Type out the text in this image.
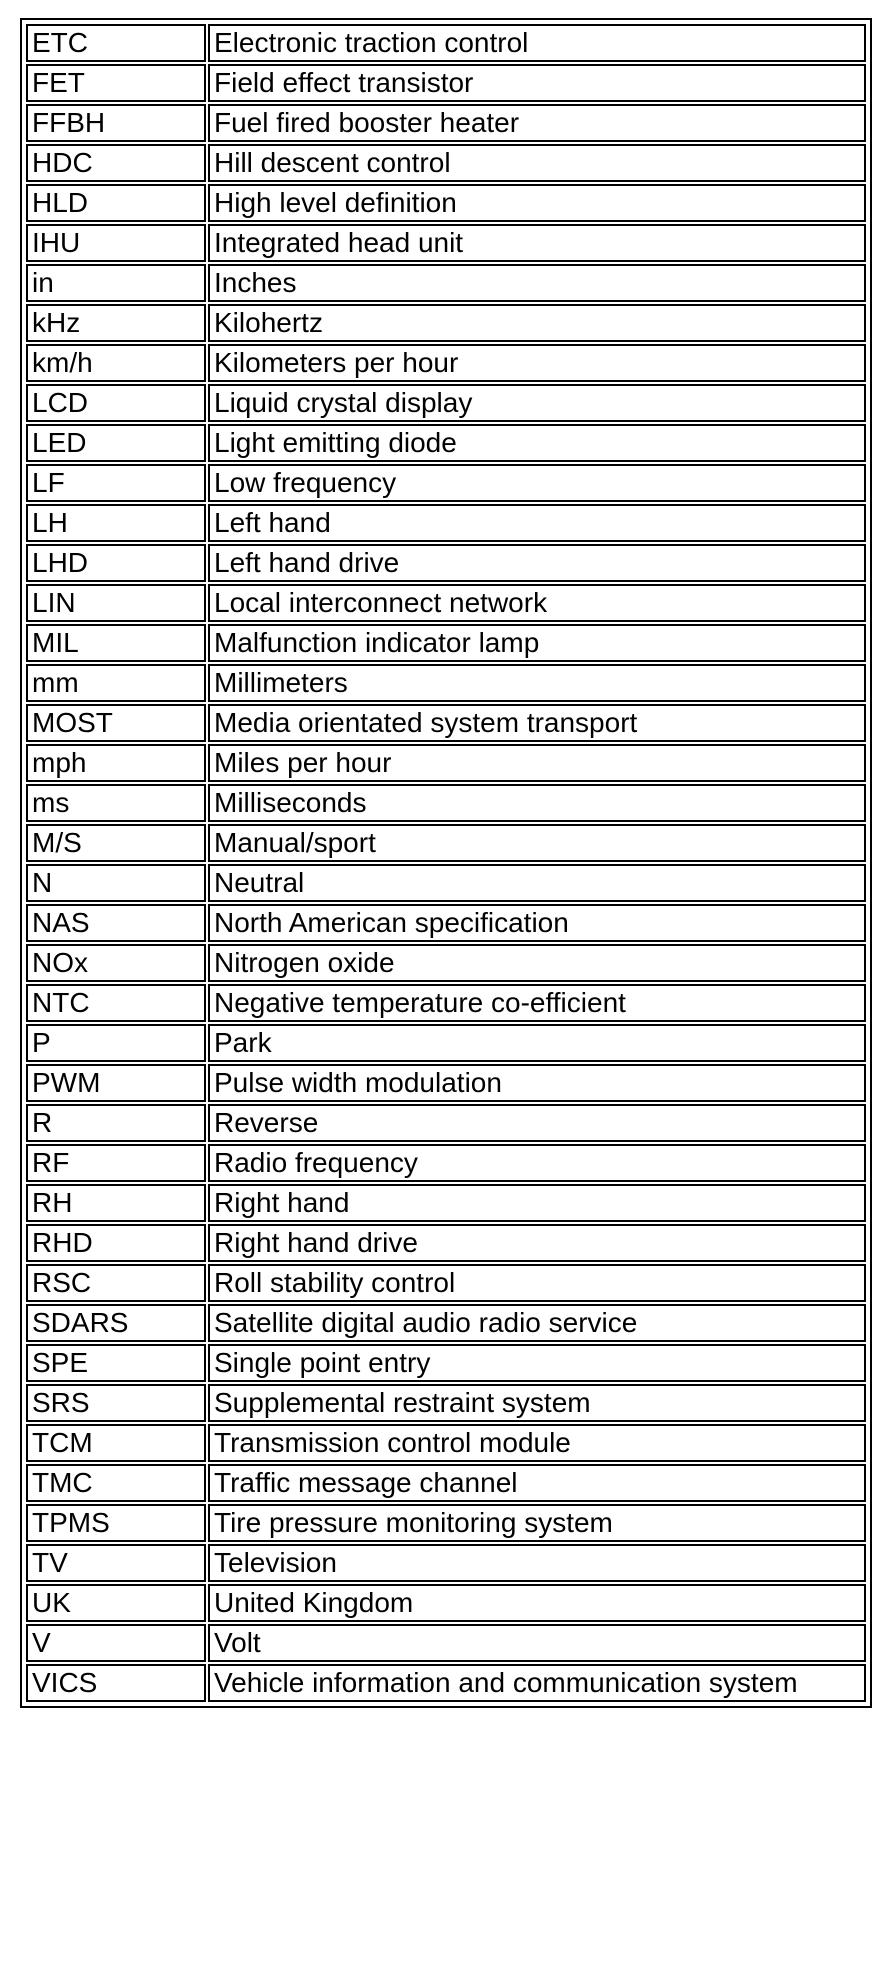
ETC	Electronic traction control
FET	Field effect transistor
FFBH	Fuel fired booster heater
HDC	Hill descent control
HLD	High level definition
IHU	Integrated head unit
in	Inches
kHz	Kilohertz
km/h	Kilometers per hour
LCD	Liquid crystal display
LED	Light emitting diode
LF	Low frequency
LH	Left hand
LHD	Left hand drive
LIN	Local interconnect network
MIL	Malfunction indicator lamp
mm	Millimeters
MOST	Media orientated system transport
mph	Miles per hour
ms	Milliseconds
M/S	Manual/sport
N	Neutral
NAS	North American specification
NOx	Nitrogen oxide
NTC	Negative temperature co-efficient
P	Park
PWM	Pulse width modulation
R	Reverse
RF	Radio frequency
RH	Right hand
RHD	Right hand drive
RSC	Roll stability control
SDARS	Satellite digital audio radio service
SPE	Single point entry
SRS	Supplemental restraint system
TCM	Transmission control module
TMC	Traffic message channel
TPMS	Tire pressure monitoring system
TV	Television
UK	United Kingdom
V	Volt
VICS	Vehicle information and communication system
